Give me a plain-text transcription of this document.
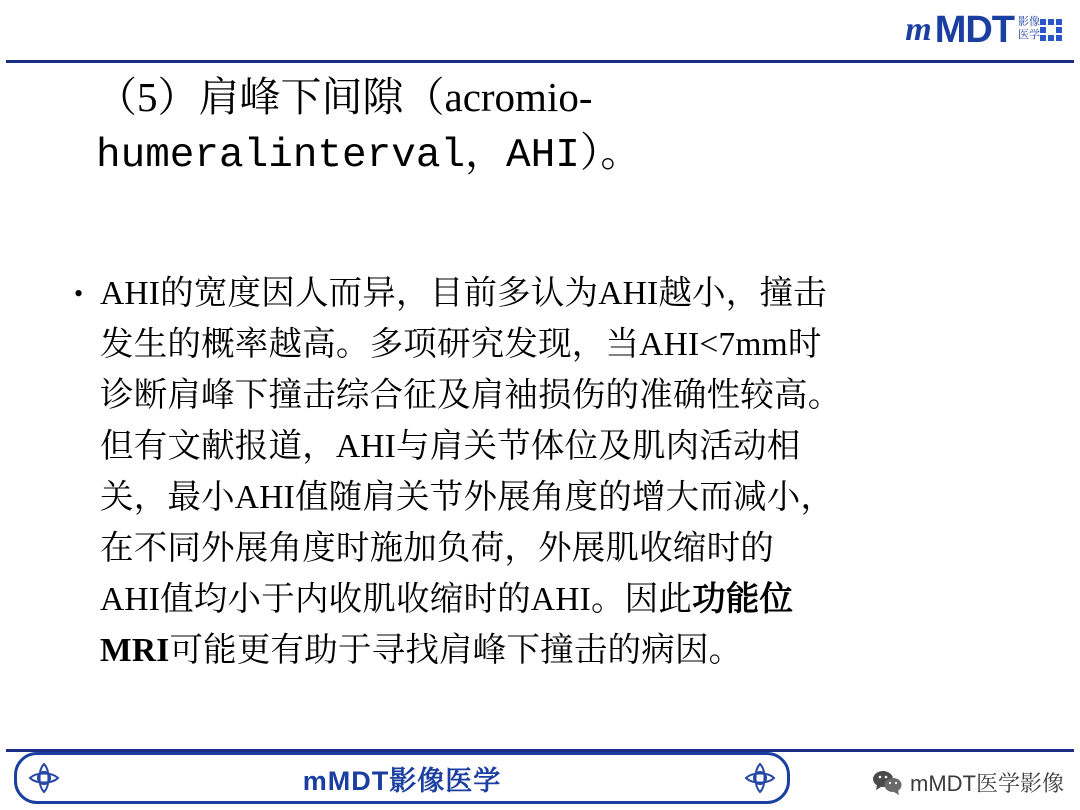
m MDT 影像
医学
（5）肩峰下间隙（acromio-
humeralinterval，AHI）。
• AHI的宽度因人而异，目前多认为AHI越小，撞击
发生的概率越高。多项研究发现，当AHI<7mm时
诊断肩峰下撞击综合征及肩袖损伤的准确性较高。
但有文献报道，AHI与肩关节体位及肌肉活动相
关，最小AHI值随肩关节外展角度的增大而减小，
在不同外展角度时施加负荷，外展肌收缩时的
AHI值均小于内收肌收缩时的AHI。因此功能位
MRI可能更有助于寻找肩峰下撞击的病因。
mMDT影像医学	mMDT医学影像
